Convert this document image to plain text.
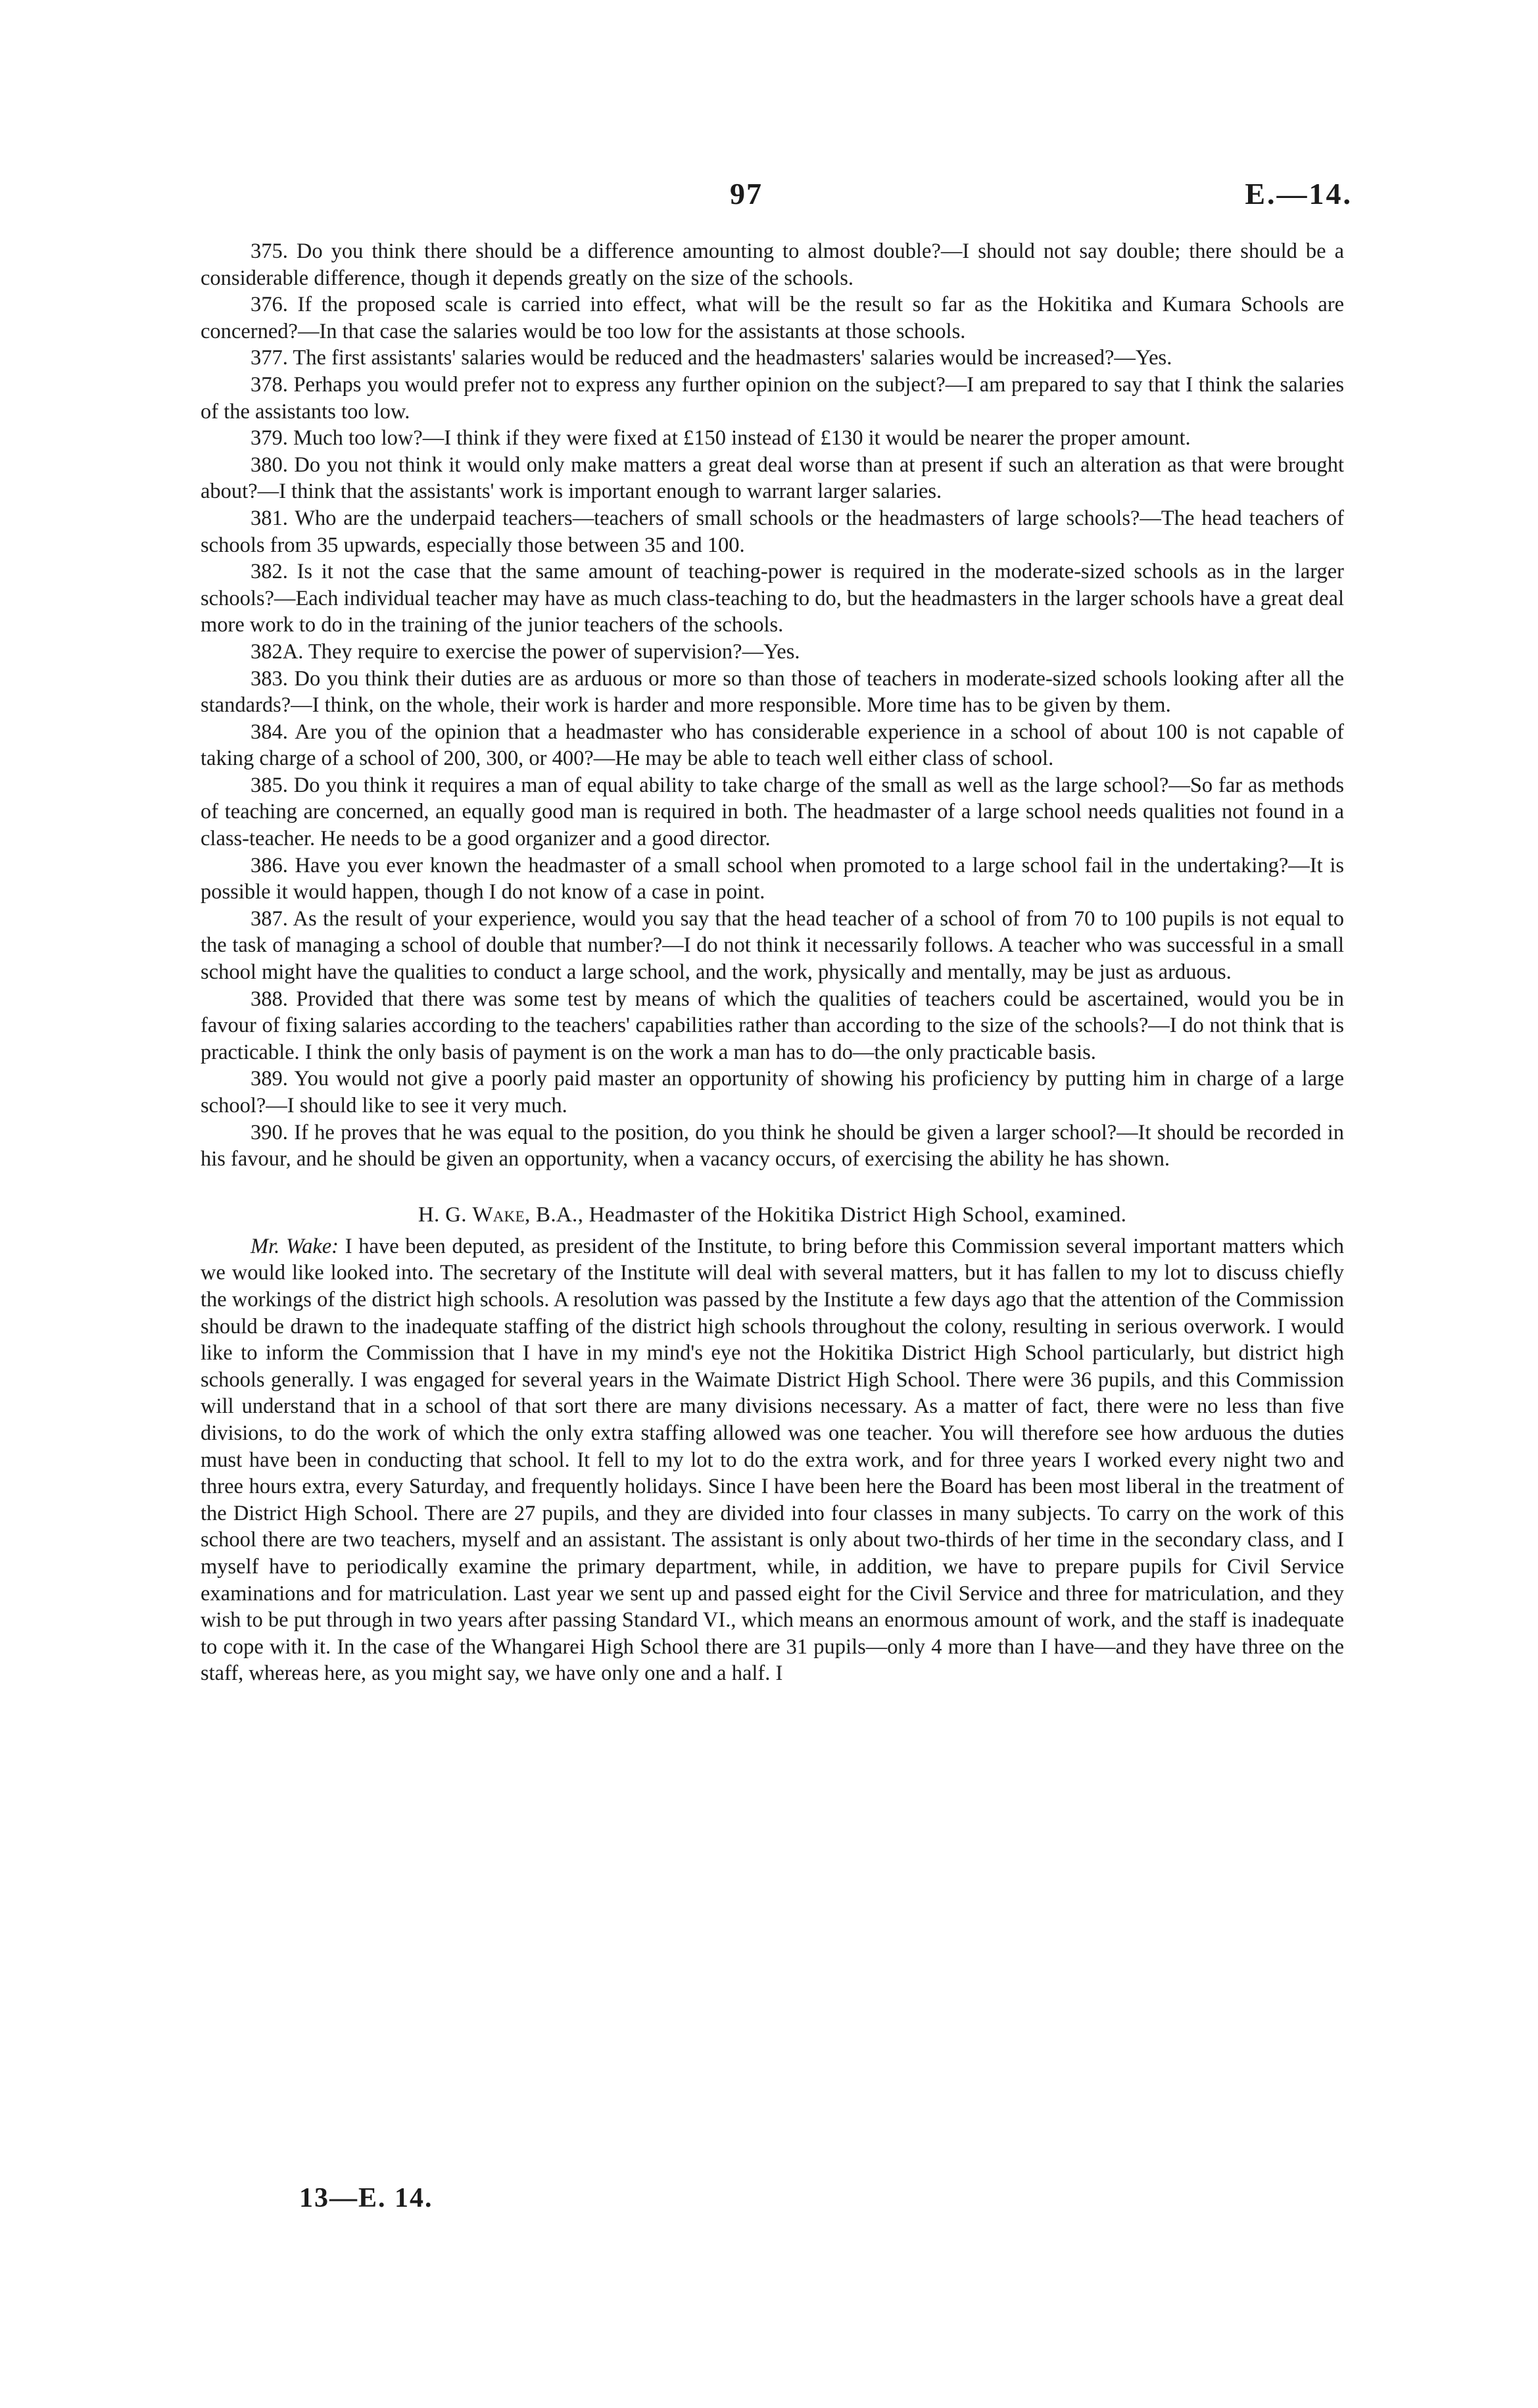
97	E.—14.

375. Do you think there should be a difference amounting to almost double?—I should not say double; there should be a considerable difference, though it depends greatly on the size of the schools.

376. If the proposed scale is carried into effect, what will be the result so far as the Hokitika and Kumara Schools are concerned?—In that case the salaries would be too low for the assistants at those schools.

377. The first assistants' salaries would be reduced and the headmasters' salaries would be increased?—Yes.

378. Perhaps you would prefer not to express any further opinion on the subject?—I am prepared to say that I think the salaries of the assistants too low.

379. Much too low?—I think if they were fixed at £150 instead of £130 it would be nearer the proper amount.

380. Do you not think it would only make matters a great deal worse than at present if such an alteration as that were brought about?—I think that the assistants' work is important enough to warrant larger salaries.

381. Who are the underpaid teachers—teachers of small schools or the headmasters of large schools?—The head teachers of schools from 35 upwards, especially those between 35 and 100.

382. Is it not the case that the same amount of teaching-power is required in the moderate-sized schools as in the larger schools?—Each individual teacher may have as much class-teaching to do, but the headmasters in the larger schools have a great deal more work to do in the training of the junior teachers of the schools.

382A. They require to exercise the power of supervision?—Yes.

383. Do you think their duties are as arduous or more so than those of teachers in moderate-sized schools looking after all the standards?—I think, on the whole, their work is harder and more responsible. More time has to be given by them.

384. Are you of the opinion that a headmaster who has considerable experience in a school of about 100 is not capable of taking charge of a school of 200, 300, or 400?—He may be able to teach well either class of school.

385. Do you think it requires a man of equal ability to take charge of the small as well as the large school?—So far as methods of teaching are concerned, an equally good man is required in both. The headmaster of a large school needs qualities not found in a class-teacher. He needs to be a good organizer and a good director.

386. Have you ever known the headmaster of a small school when promoted to a large school fail in the undertaking?—It is possible it would happen, though I do not know of a case in point.

387. As the result of your experience, would you say that the head teacher of a school of from 70 to 100 pupils is not equal to the task of managing a school of double that number?—I do not think it necessarily follows. A teacher who was successful in a small school might have the qualities to conduct a large school, and the work, physically and mentally, may be just as arduous.

388. Provided that there was some test by means of which the qualities of teachers could be ascertained, would you be in favour of fixing salaries according to the teachers' capabilities rather than according to the size of the schools?—I do not think that is practicable. I think the only basis of payment is on the work a man has to do—the only practicable basis.

389. You would not give a poorly paid master an opportunity of showing his proficiency by putting him in charge of a large school?—I should like to see it very much.

390. If he proves that he was equal to the position, do you think he should be given a larger school?—It should be recorded in his favour, and he should be given an opportunity, when a vacancy occurs, of exercising the ability he has shown.

H. G. Wake, B.A., Headmaster of the Hokitika District High School, examined.

Mr. Wake: I have been deputed, as president of the Institute, to bring before this Commission several important matters which we would like looked into. The secretary of the Institute will deal with several matters, but it has fallen to my lot to discuss chiefly the workings of the district high schools. A resolution was passed by the Institute a few days ago that the attention of the Commission should be drawn to the inadequate staffing of the district high schools throughout the colony, resulting in serious overwork. I would like to inform the Commission that I have in my mind's eye not the Hokitika District High School particularly, but district high schools generally. I was engaged for several years in the Waimate District High School. There were 36 pupils, and this Commission will understand that in a school of that sort there are many divisions necessary. As a matter of fact, there were no less than five divisions, to do the work of which the only extra staffing allowed was one teacher. You will therefore see how arduous the duties must have been in conducting that school. It fell to my lot to do the extra work, and for three years I worked every night two and three hours extra, every Saturday, and frequently holidays. Since I have been here the Board has been most liberal in the treatment of the District High School. There are 27 pupils, and they are divided into four classes in many subjects. To carry on the work of this school there are two teachers, myself and an assistant. The assistant is only about two-thirds of her time in the secondary class, and I myself have to periodically examine the primary department, while, in addition, we have to prepare pupils for Civil Service examinations and for matriculation. Last year we sent up and passed eight for the Civil Service and three for matriculation, and they wish to be put through in two years after passing Standard VI., which means an enormous amount of work, and the staff is inadequate to cope with it. In the case of the Whangarei High School there are 31 pupils—only 4 more than I have—and they have three on the staff, whereas here, as you might say, we have only one and a half. I

13—E. 14.
